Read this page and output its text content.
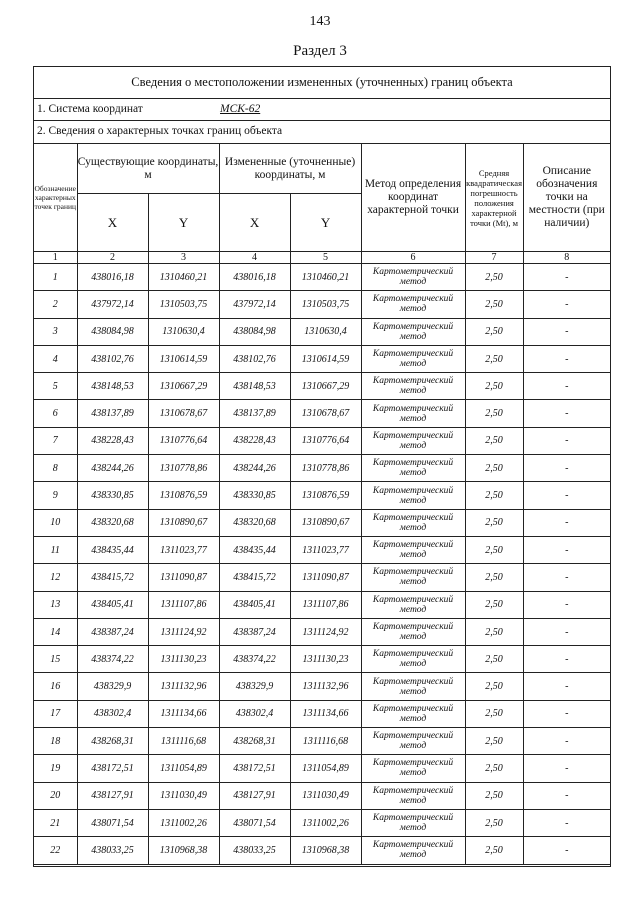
143
Раздел 3
Сведения о местоположении измененных (уточненных) границ объекта
1. Система координат	МСК-62
2. Сведения о характерных точках границ объекта
Обозначение характерных точек границ	Существующие координаты, м		Измененные (уточненные) координаты, м		Метод определения координат характерной точки	Средняя квадратическая погрешность положения характерной точки (Mt), м	Описание обозначения точки на местности (при наличии)
	X	Y	X	Y			
1	2	3	4	5	6	7	8
1	438016,18	1310460,21	438016,18	1310460,21	Картометрический метод	2,50	-
2	437972,14	1310503,75	437972,14	1310503,75	Картометрический метод	2,50	-
3	438084,98	1310630,4	438084,98	1310630,4	Картометрический метод	2,50	-
4	438102,76	1310614,59	438102,76	1310614,59	Картометрический метод	2,50	-
5	438148,53	1310667,29	438148,53	1310667,29	Картометрический метод	2,50	-
6	438137,89	1310678,67	438137,89	1310678,67	Картометрический метод	2,50	-
7	438228,43	1310776,64	438228,43	1310776,64	Картометрический метод	2,50	-
8	438244,26	1310778,86	438244,26	1310778,86	Картометрический метод	2,50	-
9	438330,85	1310876,59	438330,85	1310876,59	Картометрический метод	2,50	-
10	438320,68	1310890,67	438320,68	1310890,67	Картометрический метод	2,50	-
11	438435,44	1311023,77	438435,44	1311023,77	Картометрический метод	2,50	-
12	438415,72	1311090,87	438415,72	1311090,87	Картометрический метод	2,50	-
13	438405,41	1311107,86	438405,41	1311107,86	Картометрический метод	2,50	-
14	438387,24	1311124,92	438387,24	1311124,92	Картометрический метод	2,50	-
15	438374,22	1311130,23	438374,22	1311130,23	Картометрический метод	2,50	-
16	438329,9	1311132,96	438329,9	1311132,96	Картометрический метод	2,50	-
17	438302,4	1311134,66	438302,4	1311134,66	Картометрический метод	2,50	-
18	438268,31	1311116,68	438268,31	1311116,68	Картометрический метод	2,50	-
19	438172,51	1311054,89	438172,51	1311054,89	Картометрический метод	2,50	-
20	438127,91	1311030,49	438127,91	1311030,49	Картометрический метод	2,50	-
21	438071,54	1311002,26	438071,54	1311002,26	Картометрический метод	2,50	-
22	438033,25	1310968,38	438033,25	1310968,38	Картометрический метод	2,50	-
